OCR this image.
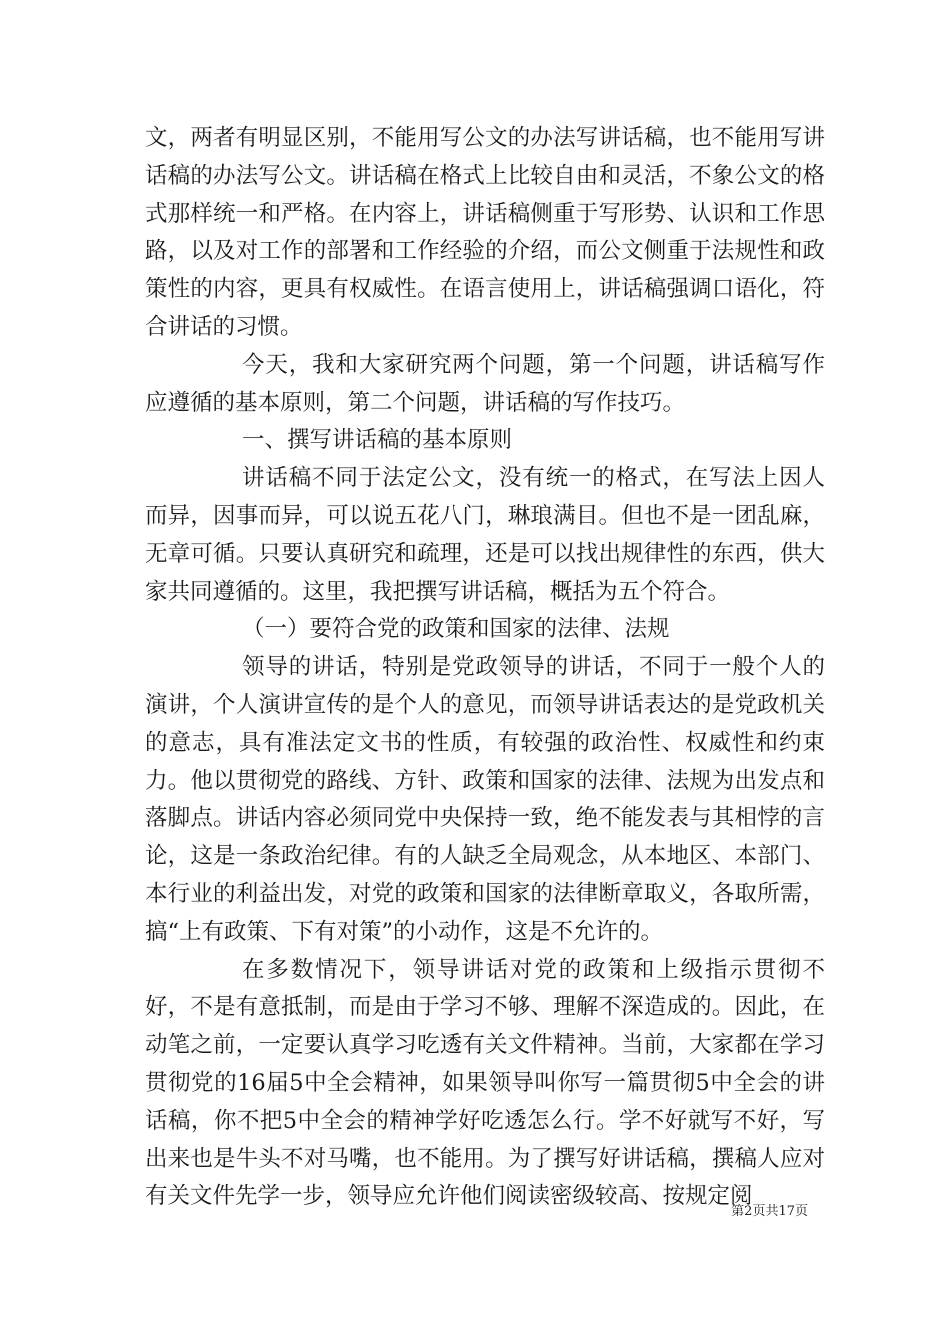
文，两者有明显区别，不能用写公文的办法写讲话稿，也不能用写讲话稿的办法写公文。讲话稿在格式上比较自由和灵活，不象公文的格式那样统一和严格。在内容上，讲话稿侧重于写形势、认识和工作思路，以及对工作的部署和工作经验的介绍，而公文侧重于法规性和政策性的内容，更具有权威性。在语言使用上，讲话稿强调口语化，符合讲话的习惯。

今天，我和大家研究两个问题，第一个问题，讲话稿写作应遵循的基本原则，第二个问题，讲话稿的写作技巧。

一、撰写讲话稿的基本原则

讲话稿不同于法定公文，没有统一的格式，在写法上因人而异，因事而异，可以说五花八门，琳琅满目。但也不是一团乱麻，无章可循。只要认真研究和疏理，还是可以找出规律性的东西，供大家共同遵循的。这里，我把撰写讲话稿，概括为五个符合。

（一）要符合党的政策和国家的法律、法规

领导的讲话，特别是党政领导的讲话，不同于一般个人的演讲，个人演讲宣传的是个人的意见，而领导讲话表达的是党政机关的意志，具有准法定文书的性质，有较强的政治性、权威性和约束力。他以贯彻党的路线、方针、政策和国家的法律、法规为出发点和落脚点。讲话内容必须同党中央保持一致，绝不能发表与其相悖的言论，这是一条政治纪律。有的人缺乏全局观念，从本地区、本部门、本行业的利益出发，对党的政策和国家的法律断章取义，各取所需，搞“上有政策、下有对策”的小动作，这是不允许的。

在多数情况下，领导讲话对党的政策和上级指示贯彻不好，不是有意抵制，而是由于学习不够、理解不深造成的。因此，在动笔之前，一定要认真学习吃透有关文件精神。当前，大家都在学习贯彻党的16届5中全会精神，如果领导叫你写一篇贯彻5中全会的讲话稿，你不把5中全会的精神学好吃透怎么行。学不好就写不好，写出来也是牛头不对马嘴，也不能用。为了撰写好讲话稿，撰稿人应对有关文件先学一步，领导应允许他们阅读密级较高、按规定阅

第2页共17页
